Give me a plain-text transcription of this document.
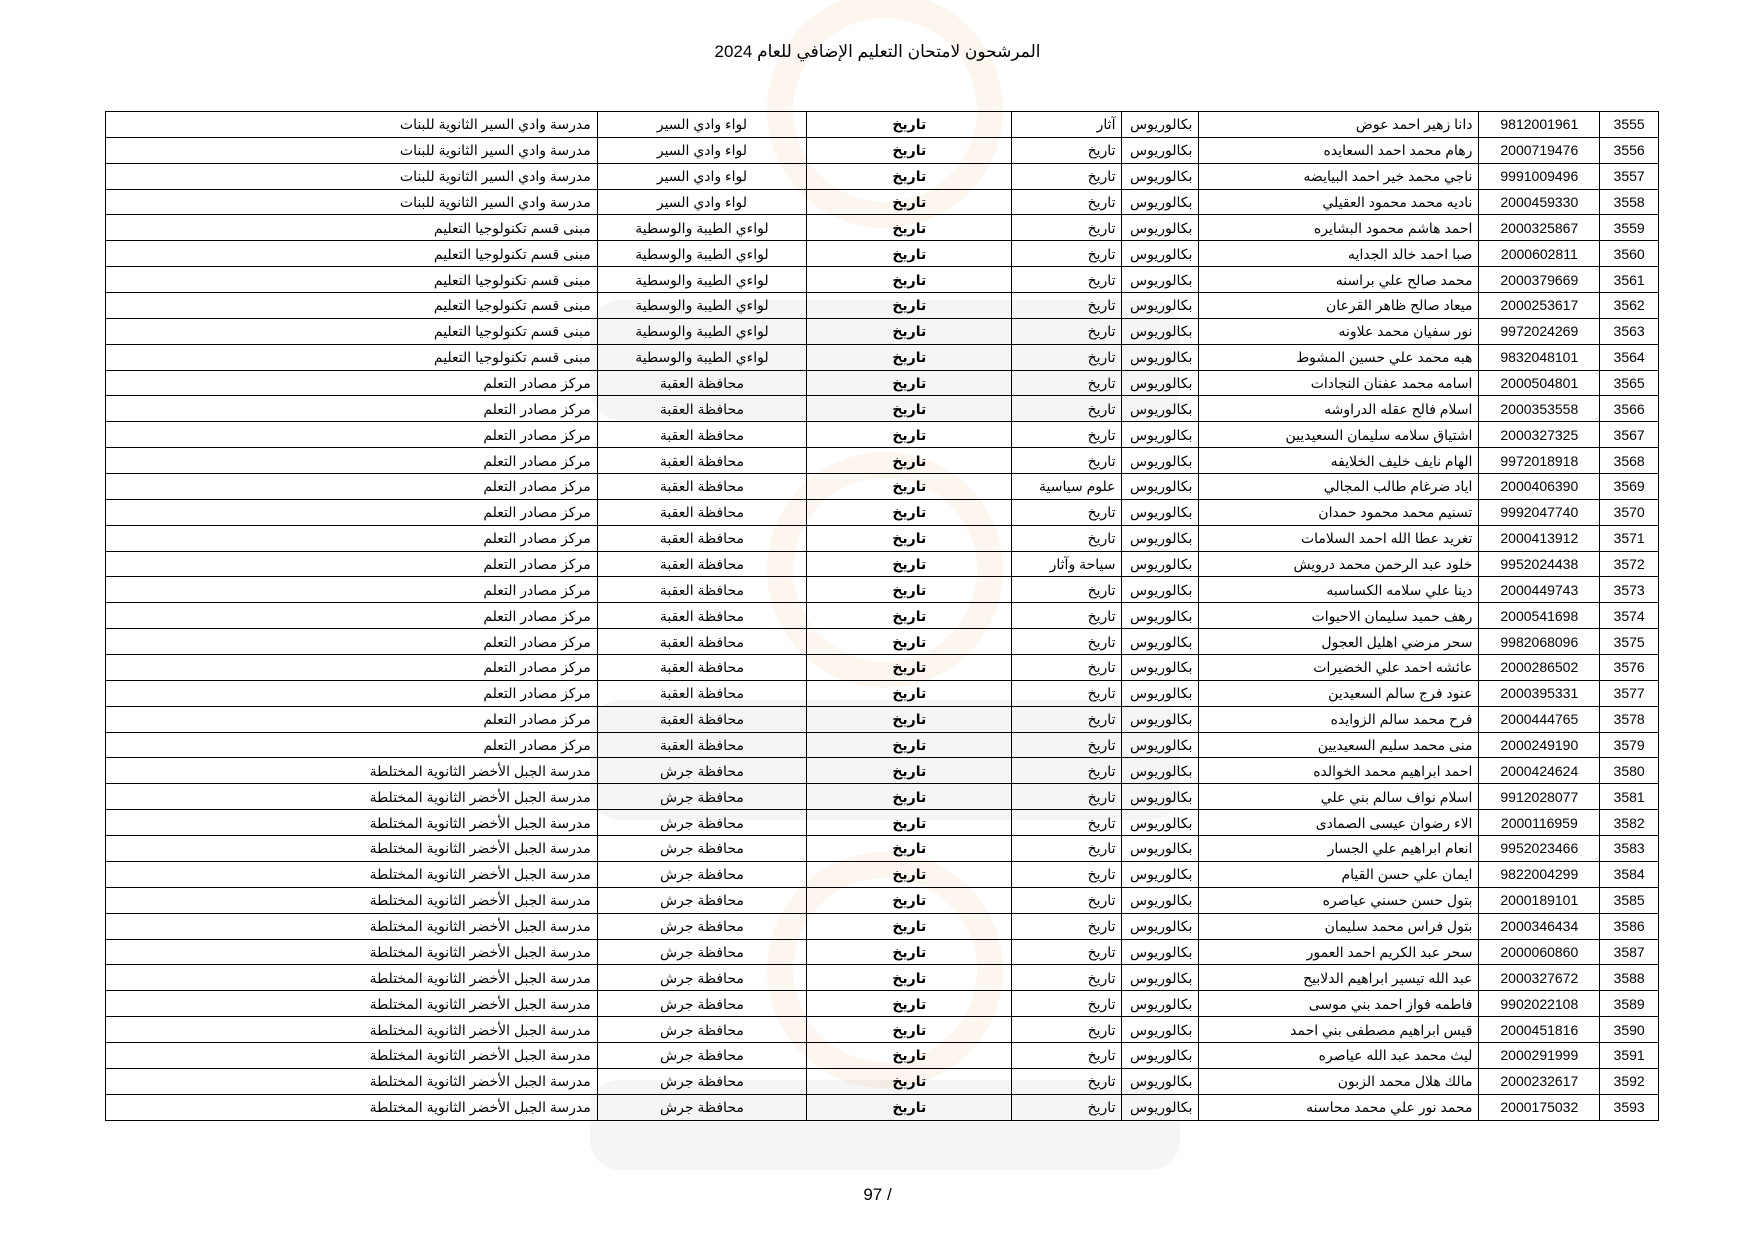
المرشحون لامتحان التعليم الإضافي للعام 2024
3555	9812001961	دانا زهير احمد عوض	بكالوريوس	آثار	تاريخ	لواء وادي السير	مدرسة وادي السير الثانوية للبنات
3556	2000719476	رهام محمد احمد السعايده	بكالوريوس	تاريخ	تاريخ	لواء وادي السير	مدرسة وادي السير الثانوية للبنات
3557	9991009496	ناجي محمد خير احمد البيايضه	بكالوريوس	تاريخ	تاريخ	لواء وادي السير	مدرسة وادي السير الثانوية للبنات
3558	2000459330	ناديه محمد محمود العقيلي	بكالوريوس	تاريخ	تاريخ	لواء وادي السير	مدرسة وادي السير الثانوية للبنات
3559	2000325867	احمد هاشم محمود البشايره	بكالوريوس	تاريخ	تاريخ	لواءي الطيبة والوسطية	مبنى قسم تكنولوجيا التعليم
3560	2000602811	صبا احمد خالد الجدايه	بكالوريوس	تاريخ	تاريخ	لواءي الطيبة والوسطية	مبنى قسم تكنولوجيا التعليم
3561	2000379669	محمد صالح علي براسنه	بكالوريوس	تاريخ	تاريخ	لواءي الطيبة والوسطية	مبنى قسم تكنولوجيا التعليم
3562	2000253617	ميعاد صالح ظاهر القرعان	بكالوريوس	تاريخ	تاريخ	لواءي الطيبة والوسطية	مبنى قسم تكنولوجيا التعليم
3563	9972024269	نور سفيان محمد علاونه	بكالوريوس	تاريخ	تاريخ	لواءي الطيبة والوسطية	مبنى قسم تكنولوجيا التعليم
3564	9832048101	هبه محمد علي حسين المشوط	بكالوريوس	تاريخ	تاريخ	لواءي الطيبة والوسطية	مبنى قسم تكنولوجيا التعليم
3565	2000504801	اسامه محمد عفنان النجادات	بكالوريوس	تاريخ	تاريخ	محافظة العقبة	مركز مصادر التعلم
3566	2000353558	اسلام فالح عقله الدراوشه	بكالوريوس	تاريخ	تاريخ	محافظة العقبة	مركز مصادر التعلم
3567	2000327325	اشتياق سلامه سليمان السعيديين	بكالوريوس	تاريخ	تاريخ	محافظة العقبة	مركز مصادر التعلم
3568	9972018918	الهام نايف خليف الخلايفه	بكالوريوس	تاريخ	تاريخ	محافظة العقبة	مركز مصادر التعلم
3569	2000406390	اياد ضرغام طالب المجالي	بكالوريوس	علوم سياسية	تاريخ	محافظة العقبة	مركز مصادر التعلم
3570	9992047740	تسنيم محمد محمود حمدان	بكالوريوس	تاريخ	تاريخ	محافظة العقبة	مركز مصادر التعلم
3571	2000413912	تغريد عطا الله احمد السلامات	بكالوريوس	تاريخ	تاريخ	محافظة العقبة	مركز مصادر التعلم
3572	9952024438	خلود عبد الرحمن محمد درويش	بكالوريوس	سياحة وآثار	تاريخ	محافظة العقبة	مركز مصادر التعلم
3573	2000449743	دينا علي سلامه الكساسبه	بكالوريوس	تاريخ	تاريخ	محافظة العقبة	مركز مصادر التعلم
3574	2000541698	رهف حميد سليمان الاحيوات	بكالوريوس	تاريخ	تاريخ	محافظة العقبة	مركز مصادر التعلم
3575	9982068096	سحر مرضي اهليل العجول	بكالوريوس	تاريخ	تاريخ	محافظة العقبة	مركز مصادر التعلم
3576	2000286502	عائشه احمد علي الخضيرات	بكالوريوس	تاريخ	تاريخ	محافظة العقبة	مركز مصادر التعلم
3577	2000395331	عنود فرج سالم السعيدين	بكالوريوس	تاريخ	تاريخ	محافظة العقبة	مركز مصادر التعلم
3578	2000444765	فرح محمد سالم الزوايده	بكالوريوس	تاريخ	تاريخ	محافظة العقبة	مركز مصادر التعلم
3579	2000249190	منى محمد سليم السعيديين	بكالوريوس	تاريخ	تاريخ	محافظة العقبة	مركز مصادر التعلم
3580	2000424624	احمد ابراهيم محمد الخوالده	بكالوريوس	تاريخ	تاريخ	محافظة جرش	مدرسة الجبل الأخضر الثانوية المختلطة
3581	9912028077	اسلام نواف سالم بني علي	بكالوريوس	تاريخ	تاريخ	محافظة جرش	مدرسة الجبل الأخضر الثانوية المختلطة
3582	2000116959	الاء رضوان عيسى الصمادى	بكالوريوس	تاريخ	تاريخ	محافظة جرش	مدرسة الجبل الأخضر الثانوية المختلطة
3583	9952023466	انعام ابراهيم علي الجسار	بكالوريوس	تاريخ	تاريخ	محافظة جرش	مدرسة الجبل الأخضر الثانوية المختلطة
3584	9822004299	ايمان علي حسن القيام	بكالوريوس	تاريخ	تاريخ	محافظة جرش	مدرسة الجبل الأخضر الثانوية المختلطة
3585	2000189101	بتول حسن حسني عياصره	بكالوريوس	تاريخ	تاريخ	محافظة جرش	مدرسة الجبل الأخضر الثانوية المختلطة
3586	2000346434	بتول فراس محمد سليمان	بكالوريوس	تاريخ	تاريخ	محافظة جرش	مدرسة الجبل الأخضر الثانوية المختلطة
3587	2000060860	سحر عبد الكريم احمد العمور	بكالوريوس	تاريخ	تاريخ	محافظة جرش	مدرسة الجبل الأخضر الثانوية المختلطة
3588	2000327672	عبد الله تيسير ابراهيم الدلابيح	بكالوريوس	تاريخ	تاريخ	محافظة جرش	مدرسة الجبل الأخضر الثانوية المختلطة
3589	9902022108	فاطمه فواز احمد بني موسى	بكالوريوس	تاريخ	تاريخ	محافظة جرش	مدرسة الجبل الأخضر الثانوية المختلطة
3590	2000451816	قيس ابراهيم مصطفى بني احمد	بكالوريوس	تاريخ	تاريخ	محافظة جرش	مدرسة الجبل الأخضر الثانوية المختلطة
3591	2000291999	ليث محمد عبد الله عياصره	بكالوريوس	تاريخ	تاريخ	محافظة جرش	مدرسة الجبل الأخضر الثانوية المختلطة
3592	2000232617	مالك هلال محمد الزبون	بكالوريوس	تاريخ	تاريخ	محافظة جرش	مدرسة الجبل الأخضر الثانوية المختلطة
3593	2000175032	محمد نور علي محمد محاسنه	بكالوريوس	تاريخ	تاريخ	محافظة جرش	مدرسة الجبل الأخضر الثانوية المختلطة
97 /
